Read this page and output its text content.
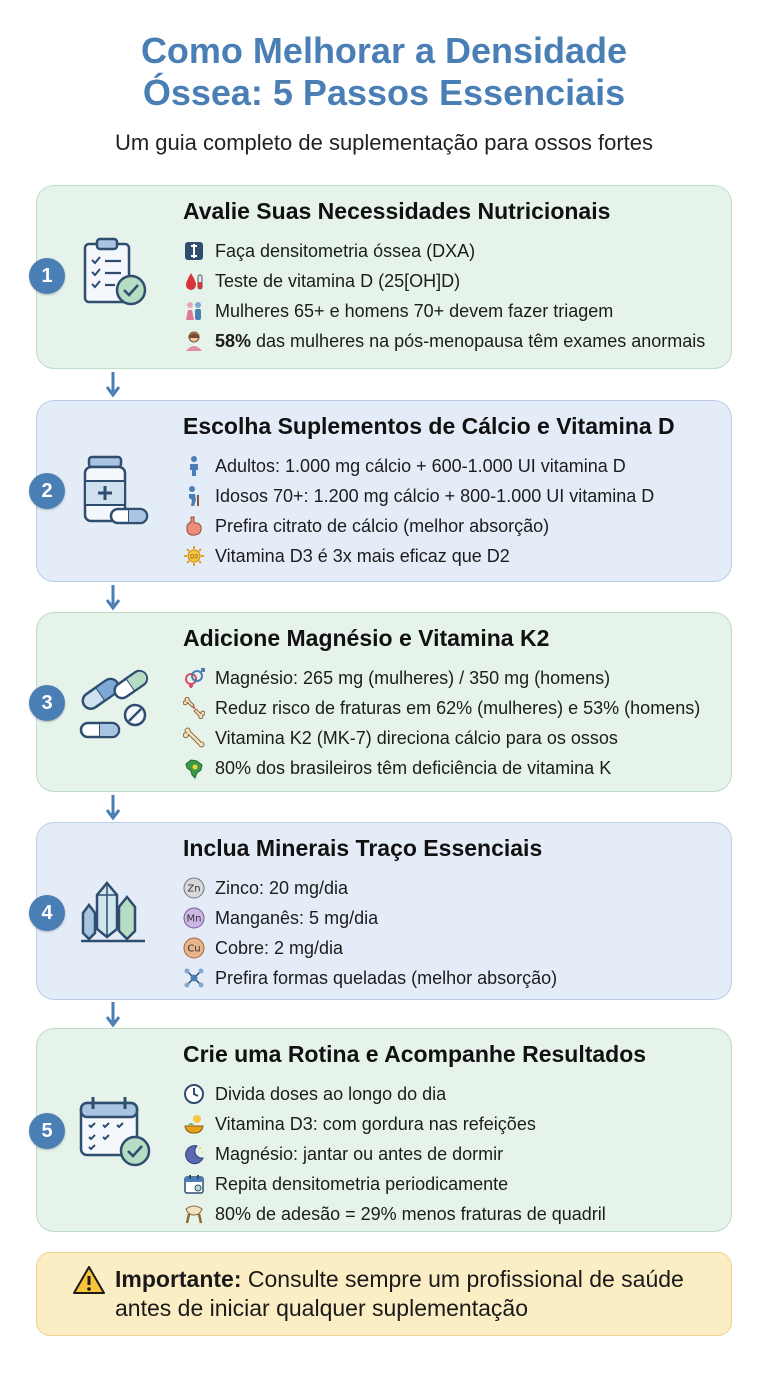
Como Melhorar a Densidade
Óssea: 5 Passos Essenciais
Um guia completo de suplementação para ossos fortes
1
Avalie Suas Necessidades Nutricionais
Faça densitometria óssea (DXA)
Teste de vitamina D (25[OH]D)
Mulheres 65+ e homens 70+ devem fazer triagem
58% das mulheres na pós-menopausa têm exames anormais
2
Escolha Suplementos de Cálcio e Vitamina D
Adultos: 1.000 mg cálcio + 600-1.000 UI vitamina D
Idosos 70+: 1.200 mg cálcio + 800-1.000 UI vitamina D
Prefira citrato de cálcio (melhor absorção)
D3 Vitamina D3 é 3x mais eficaz que D2
3
Adicione Magnésio e Vitamina K2
Magnésio: 265 mg (mulheres) / 350 mg (homens)
Reduz risco de fraturas em 62% (mulheres) e 53% (homens)
Vitamina K2 (MK-7) direciona cálcio para os ossos
80% dos brasileiros têm deficiência de vitamina K
4
Inclua Minerais Traço Essenciais
Zn Zinco: 20 mg/dia
Mn Manganês: 5 mg/dia
Cu Cobre: 2 mg/dia
Prefira formas queladas (melhor absorção)
5
Crie uma Rotina e Acompanhe Resultados
Divida doses ao longo do dia
Vitamina D3: com gordura nas refeições
Magnésio: jantar ou antes de dormir
Repita densitometria periodicamente
80% de adesão = 29% menos fraturas de quadril
Importante: Consulte sempre um profissional de saúde antes de iniciar qualquer suplementação
